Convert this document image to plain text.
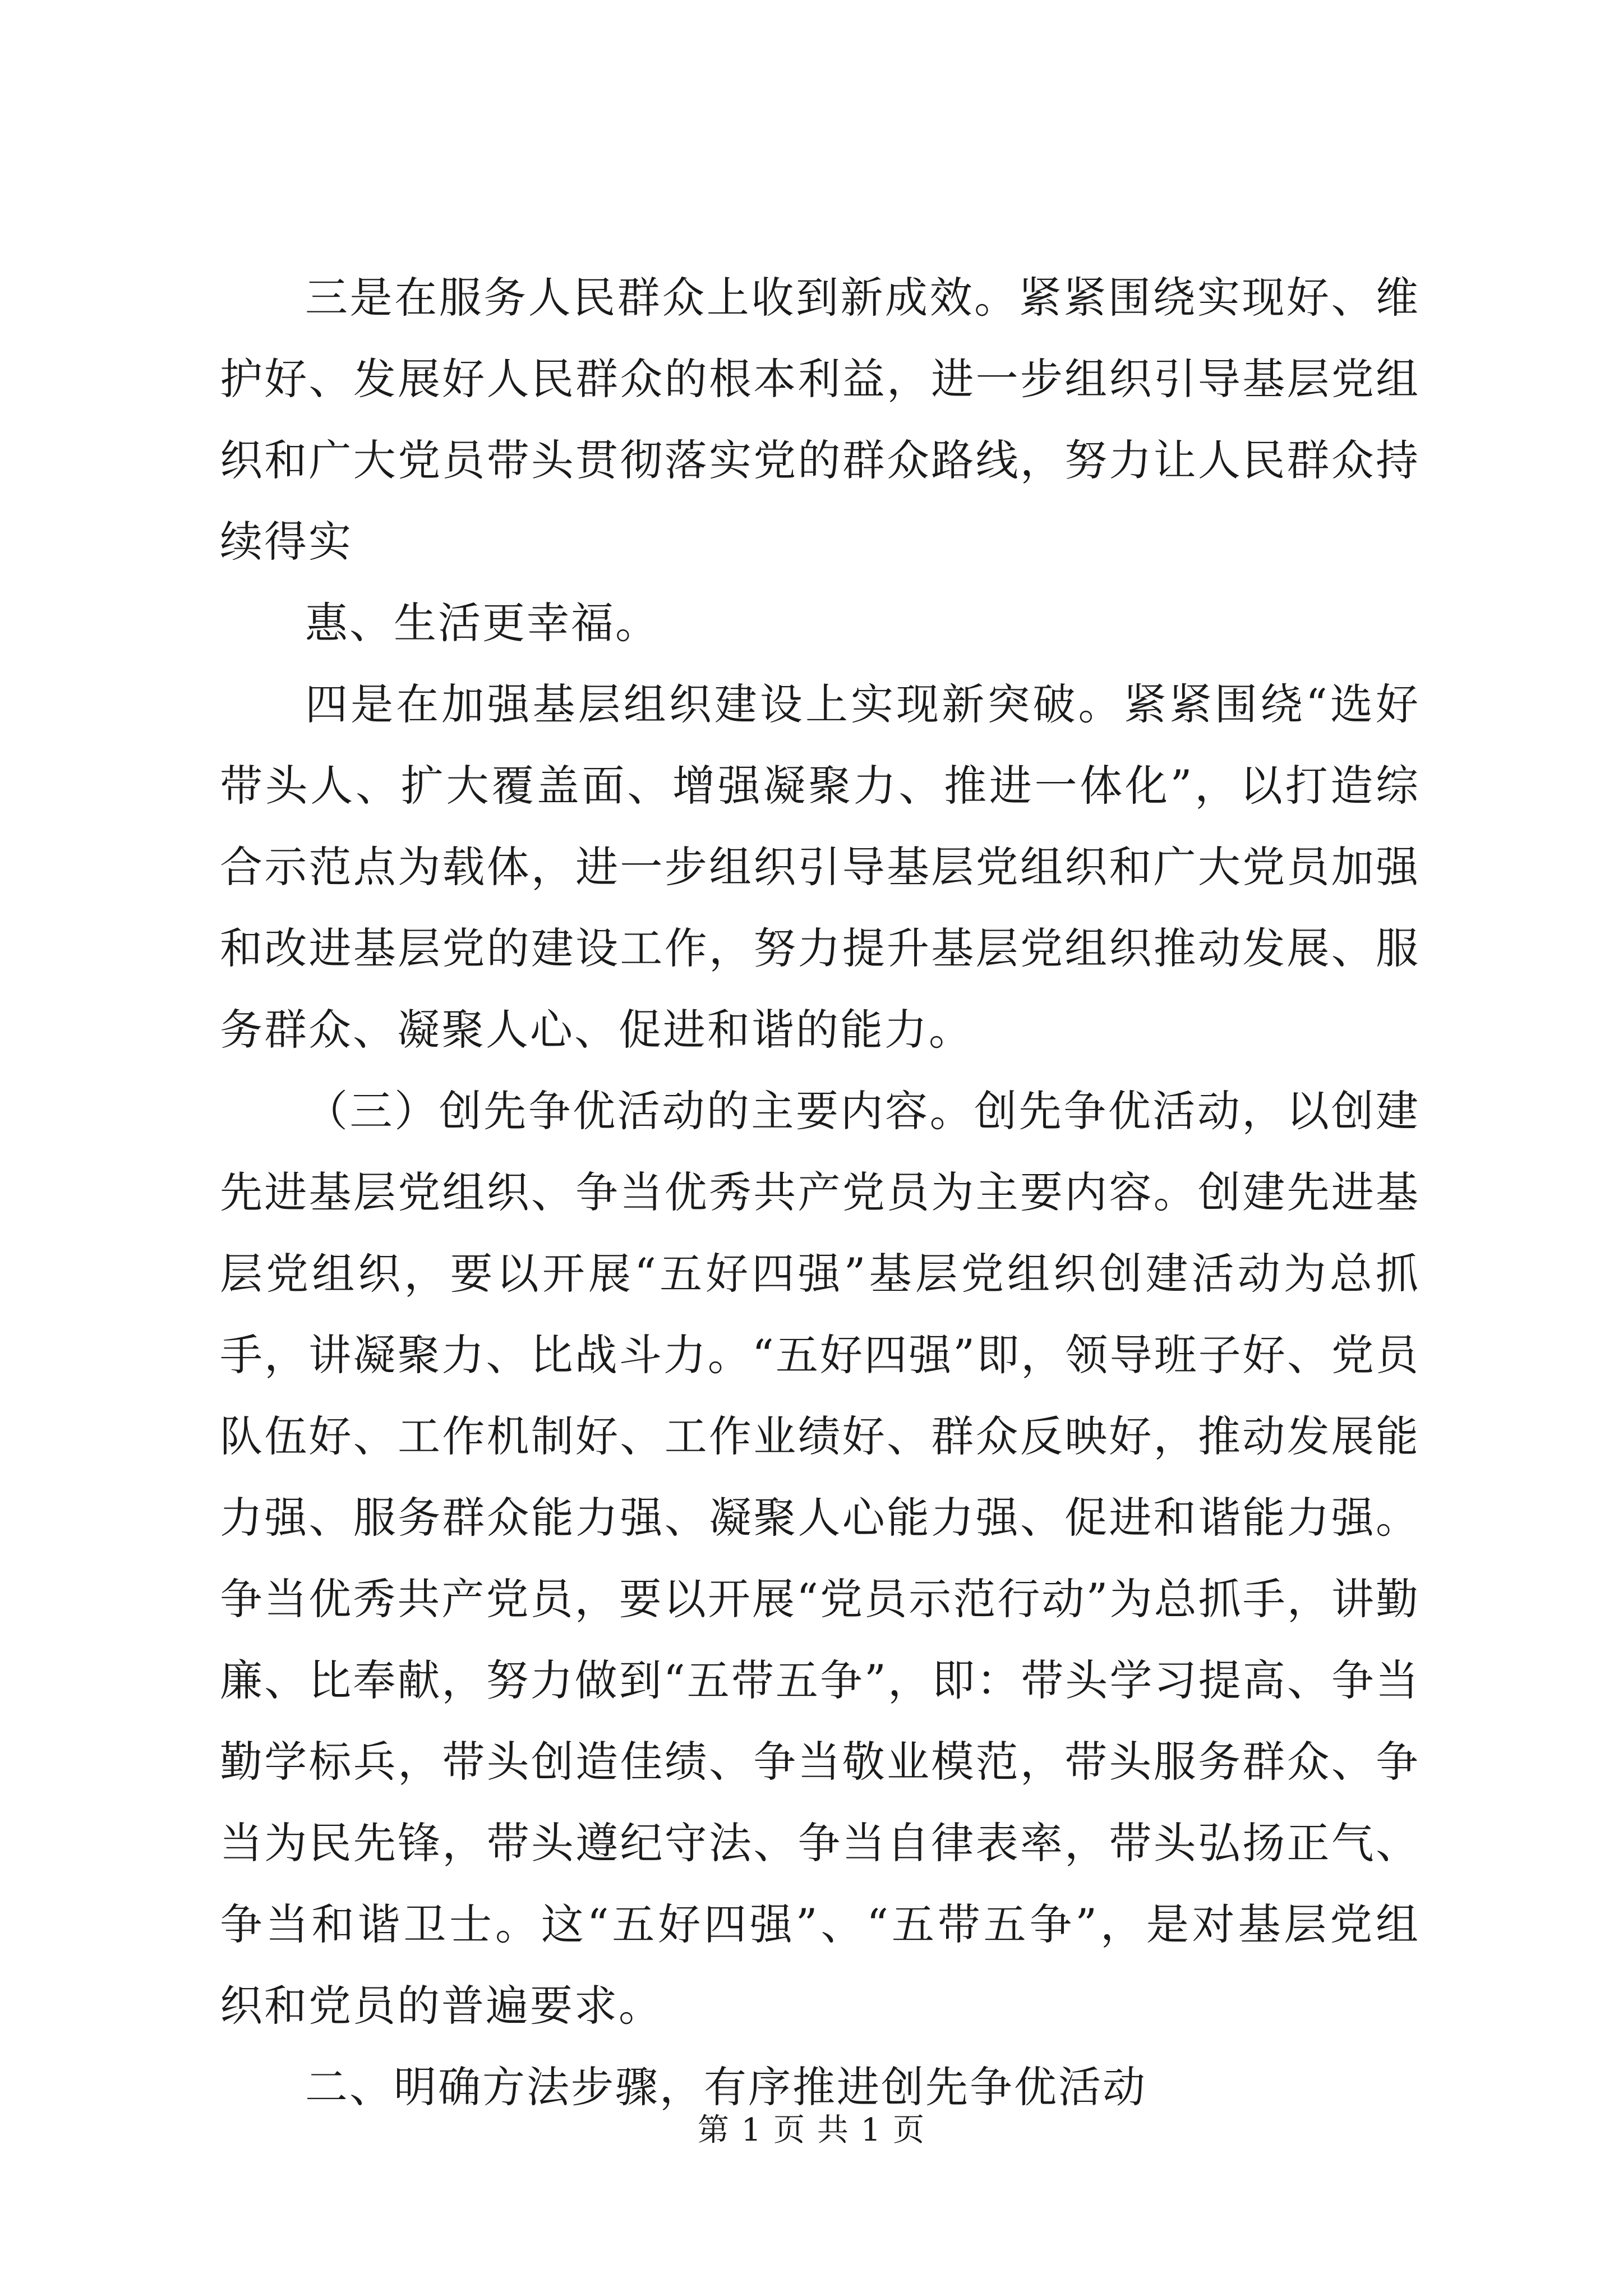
三是在服务人民群众上收到新成效。紧紧围绕实现好、维护好、发展好人民群众的根本利益，进一步组织引导基层党组织和广大党员带头贯彻落实党的群众路线，努力让人民群众持续得实

惠、生活更幸福。

四是在加强基层组织建设上实现新突破。紧紧围绕“选好带头人、扩大覆盖面、增强凝聚力、推进一体化”，以打造综合示范点为载体，进一步组织引导基层党组织和广大党员加强和改进基层党的建设工作，努力提升基层党组织推动发展、服务群众、凝聚人心、促进和谐的能力。

（三）创先争优活动的主要内容。创先争优活动，以创建先进基层党组织、争当优秀共产党员为主要内容。创建先进基层党组织，要以开展“五好四强”基层党组织创建活动为总抓手，讲凝聚力、比战斗力。“五好四强”即，领导班子好、党员队伍好、工作机制好、工作业绩好、群众反映好，推动发展能力强、服务群众能力强、凝聚人心能力强、促进和谐能力强。争当优秀共产党员，要以开展“党员示范行动”为总抓手，讲勤廉、比奉献，努力做到“五带五争”，即：带头学习提高、争当勤学标兵，带头创造佳绩、争当敬业模范，带头服务群众、争当为民先锋，带头遵纪守法、争当自律表率，带头弘扬正气、争当和谐卫士。这“五好四强”、“五带五争”，是对基层党组织和党员的普遍要求。

二、明确方法步骤，有序推进创先争优活动

第 1 页 共 1 页
